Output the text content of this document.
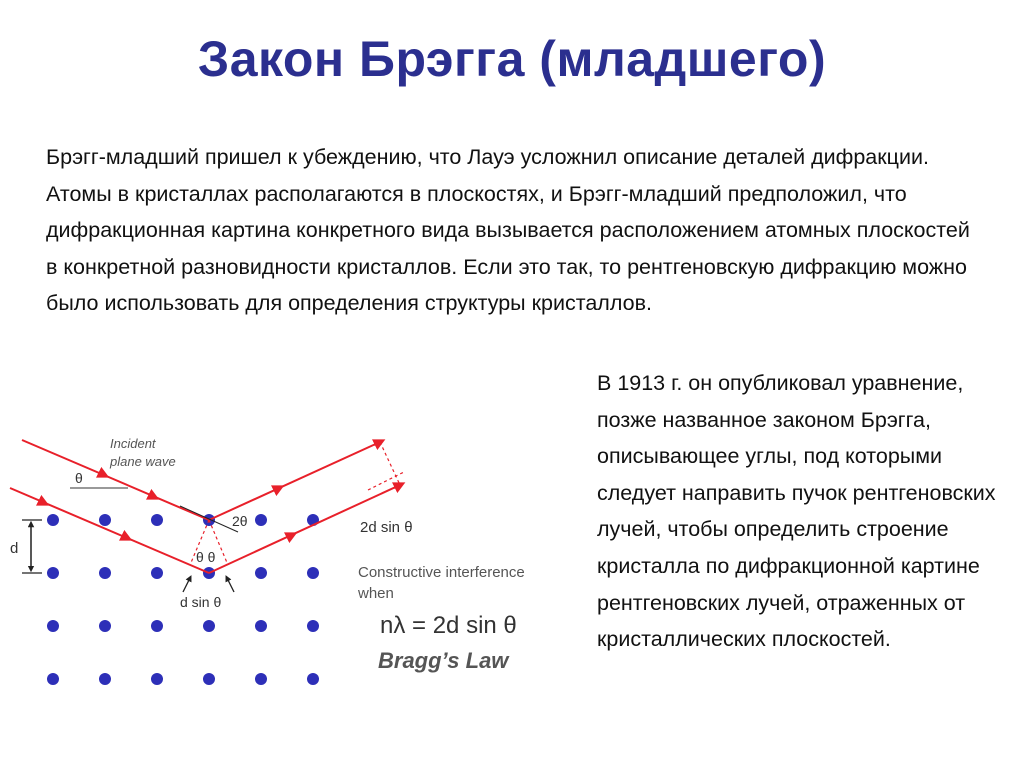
Закон Брэгга (младшего)

Брэгг-младший пришел к убеждению, что Лауэ усложнил описание деталей дифракции. Атомы в кристаллах располагаются в плоскостях, и Брэгг-младший предположил, что дифракционная картина конкретного вида вызывается расположением атомных плоскостей в конкретной разновидности кристаллов. Если это так, то рентгеновскую дифракцию можно было использовать для определения структуры кристаллов.

В 1913 г. он опубликовал уравнение, позже названное законом Брэгга, описывающее углы, под которыми следует направить пучок рентгеновских лучей, чтобы определить строение кристалла по дифракционной картине рентгеновских лучей, отраженных от кристаллических плоскостей.

Incident
plane wave
θ
2θ
θ θ
d
d sin θ
2d sin θ
Constructive interference
when
nλ = 2d sin θ
Bragg’s Law
